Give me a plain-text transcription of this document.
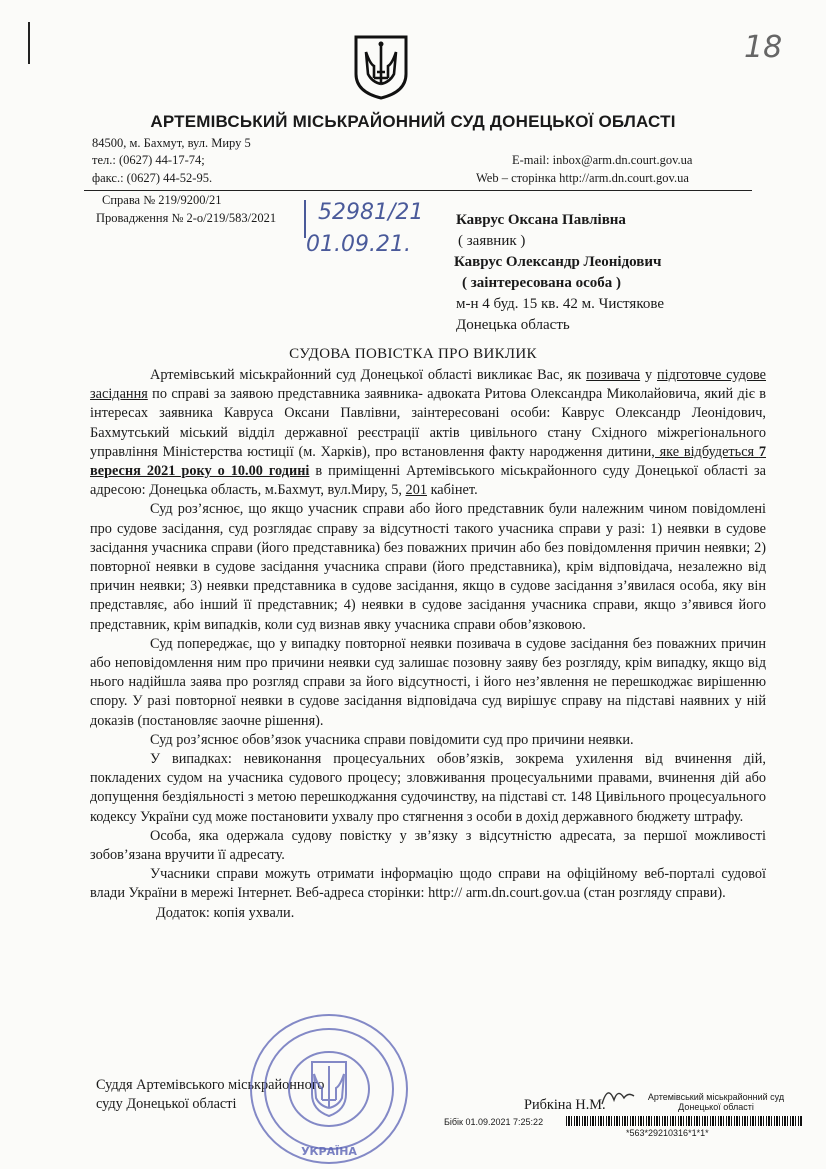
18
АРТЕМІВСЬКИЙ МІСЬКРАЙОННИЙ СУД ДОНЕЦЬКОЇ ОБЛАСТІ
84500, м. Бахмут, вул. Миру 5
тел.: (0627) 44-17-74;
факс.: (0627) 44-52-95.
E-mail: inbox@arm.dn.court.gov.ua
Web – сторінка http://arm.dn.court.gov.ua
Справа № 219/9200/21
Провадження № 2-о/219/583/2021 52981/21
01.09.21.
Каврус Оксана Павлівна
( заявник )
Каврус Олександр Леонідович
( заінтересована особа )
м-н 4 буд. 15 кв. 42 м. Чистякове
Донецька область
СУДОВА ПОВІСТКА ПРО ВИКЛИК

Артемівський міськрайонний суд Донецької області викликає Вас, як позивача у підготовче судове засідання по справі за заявою представника заявника- адвоката Ритова Олександра Миколайовича, який діє в інтересах заявника Кавруса Оксани Павлівни, заінтересовані особи: Каврус Олександр Леонідович, Бахмутський міський відділ державної реєстрації актів цивільного стану Східного міжрегіонального управління Міністерства юстиції (м. Харків), про встановлення факту народження дитини, яке відбудеться 7 вересня 2021 року о 10.00 годині в приміщенні Артемівського міськрайонного суду Донецької області за адресою: Донецька область, м.Бахмут, вул.Миру, 5, 201 кабінет.

Суд роз’яснює, що якщо учасник справи або його представник були належним чином повідомлені про судове засідання, суд розглядає справу за відсутності такого учасника справи у разі: 1) неявки в судове засідання учасника справи (його представника) без поважних причин або без повідомлення причин неявки; 2) повторної неявки в судове засідання учасника справи (його представника), крім відповідача, незалежно від причин неявки; 3) неявки представника в судове засідання, якщо в судове засідання з’явилася особа, яку він представляє, або інший її представник; 4) неявки в судове засідання учасника справи, якщо з’явився його представник, крім випадків, коли суд визнав явку учасника справи обов’язковою.

Суд попереджає, що у випадку повторної неявки позивача в судове засідання без поважних причин або неповідомлення ним про причини неявки суд залишає позовну заяву без розгляду, крім випадку, якщо від нього надійшла заява про розгляд справи за його відсутності, і його нез’явлення не перешкоджає вирішенню спору. У разі повторної неявки в судове засідання відповідача суд вирішує справу на підставі наявних у ній доказів (постановляє заочне рішення).

Суд роз’яснює обов’язок учасника справи повідомити суд про причини неявки.

У випадках: невиконання процесуальних обов’язків, зокрема ухилення від вчинення дій, покладених судом на учасника судового процесу; зловживання процесуальними правами, вчинення дій або допущення бездіяльності з метою перешкоджання судочинству, на підставі ст. 148 Цивільного процесуального кодексу України суд може постановити ухвалу про стягнення з особи в дохід державного бюджету штрафу.

Особа, яка одержала судову повістку у зв’язку з відсутністю адресата, за першої можливості зобов’язана вручити її адресату.

Учасники справи можуть отримати інформацію щодо справи на офіційному веб-порталі судової влади України в мережі Інтернет. Веб-адреса сторінки: http:// arm.dn.court.gov.ua (стан розгляду справи).

Додаток: копія ухвали.

Суддя Артемівського міськрайонного
суду Донецької області	Рибкіна Н.М.
УКРАЇНА
Артемівський міськрайонний суд
Донецької області
Бібік 01.09.2021 7:25:22
*563*29210316*1*1*
